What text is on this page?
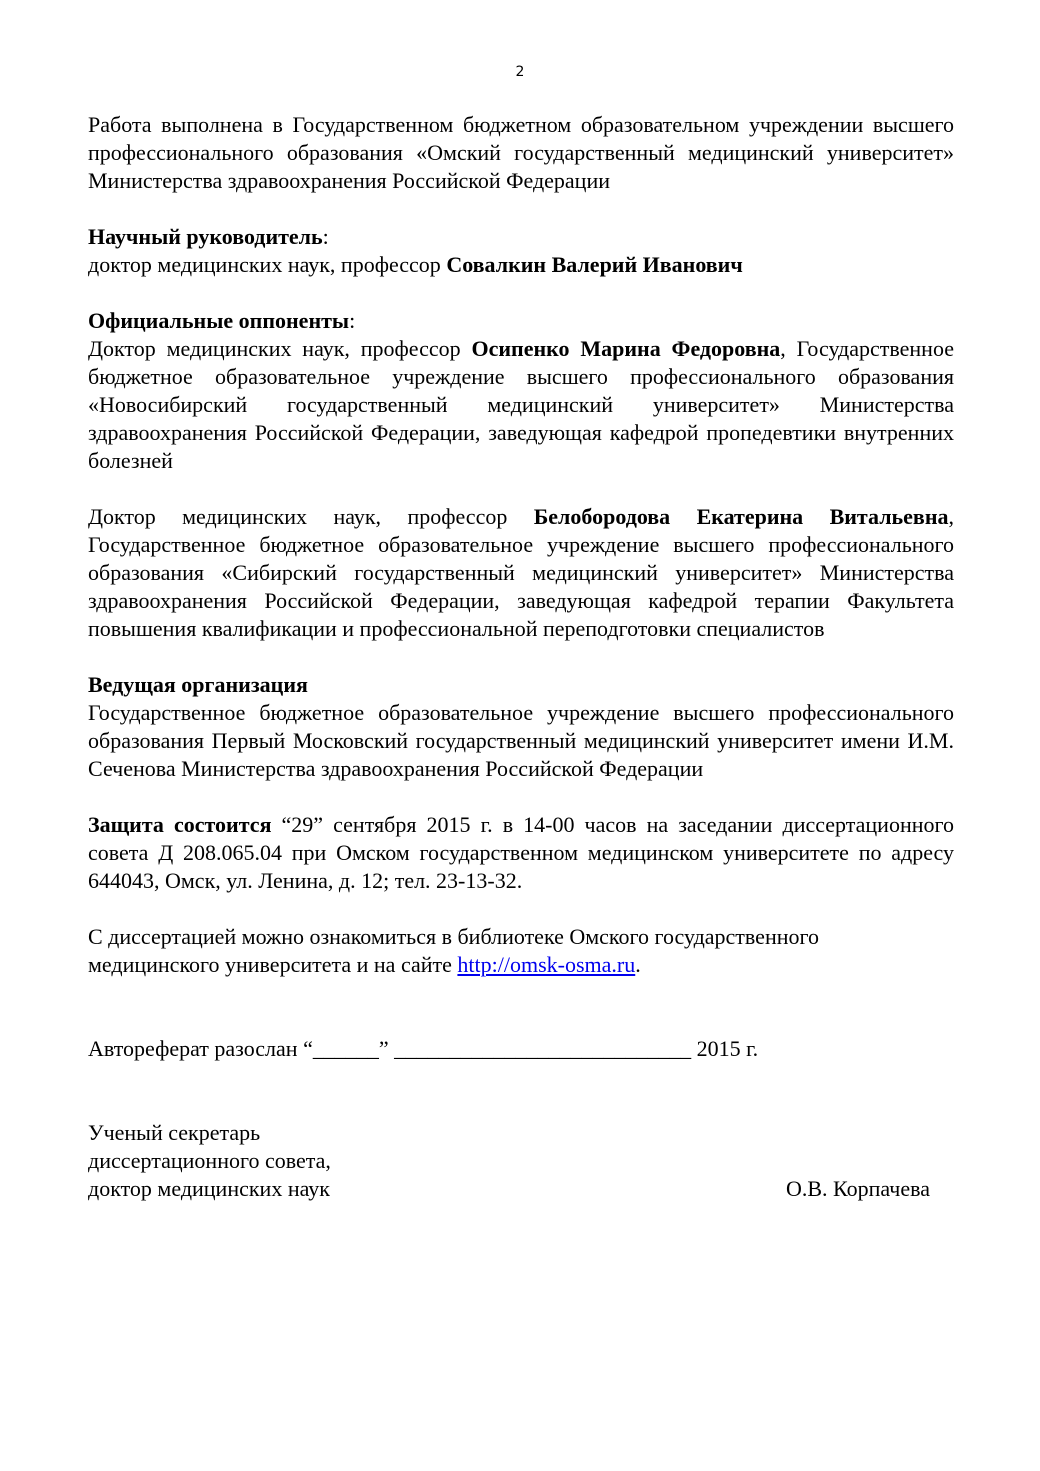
2

Работа выполнена в Государственном бюджетном образовательном учреждении высшего профессионального образования «Омский государственный медицинский университет» Министерства здравоохранения Российской Федерации

Научный руководитель:

доктор медицинских наук, профессор Совалкин Валерий Иванович

Официальные оппоненты:

Доктор медицинских наук, профессор Осипенко Марина Федоровна, Государственное бюджетное образовательное учреждение высшего профессионального образования «Новосибирский государственный медицинский университет» Министерства здравоохранения Российской Федерации, заведующая кафедрой пропедевтики внутренних болезней

Доктор медицинских наук, профессор Белобородова Екатерина Витальевна, Государственное бюджетное образовательное учреждение высшего профессионального образования «Сибирский государственный медицинский университет» Министерства здравоохранения Российской Федерации, заведующая кафедрой терапии Факультета повышения квалификации и профессиональной переподготовки специалистов

Ведущая организация

Государственное бюджетное образовательное учреждение высшего профессионального образования Первый Московский государственный медицинский университет имени И.М. Сеченова Министерства здравоохранения Российской Федерации

Защита состоится “29” сентября 2015 г. в 14-00 часов на заседании диссертационного совета Д 208.065.04 при Омском государственном медицинском университете по адресу 644043, Омск, ул. Ленина, д. 12; тел. 23-13-32.

С диссертацией можно ознакомиться в библиотеке Омского государственного медицинского университета и на сайте http://omsk-osma.ru.

Автореферат разослан “______” ___________________________ 2015 г.

Ученый секретарь

диссертационного совета,

доктор медицинских наук	О.В. Корпачева
